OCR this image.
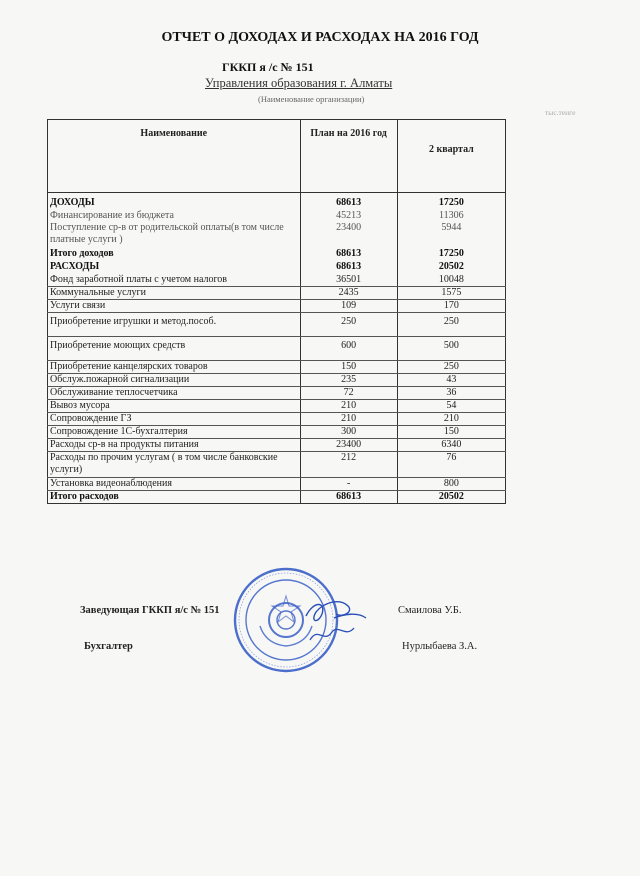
ОТЧЕТ О ДОХОДАХ И РАСХОДАХ НА 2016 ГОД
ГККП я /с № 151
Управления образования г. Алматы
(Наименование организации)
тыс.тенге
Наименование	План на 2016 год	2 квартал
ДОХОДЫ	68613	17250
Финансирование из бюджета	45213	11306
Поступление ср-в от родительской оплаты(в том числе платные услуги )	23400	5944
Итого доходов	68613	17250
РАСХОДЫ	68613	20502
Фонд заработной платы с учетом налогов	36501	10048
Коммунальные услуги	2435	1575
Услуги связи	109	170
Приобретение игрушки и метод.пособ.	250	250
Приобретение моющих средств	600	500
Приобретение канцелярских товаров	150	250
Обслуж.пожарной сигнализации	235	43
Обслуживание теплосчетчика	72	36
Вывоз мусора	210	54
Сопровождение ГЗ	210	210
Сопровождение 1С-бухгалтерия	300	150
Расходы ср-в на продукты питания	23400	6340
Расходы по прочим услугам ( в том числе банковские услуги)	212	76
Установка видеонаблюдения	-	800
Итого расходов	68613	20502
Заведующая ГККП я/с № 151	Смаилова У.Б.
Бухгалтер	Нурлыбаева З.А.
